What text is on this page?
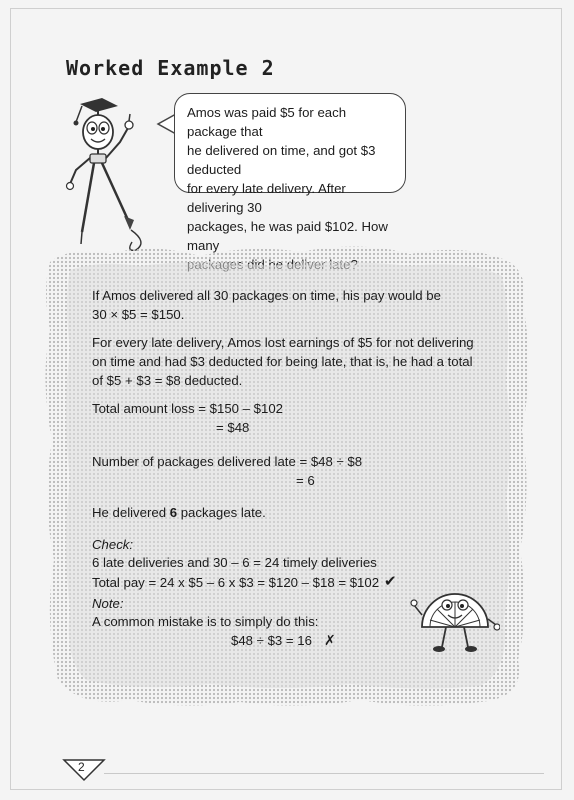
Worked Example 2
Amos was paid $5 for each package that
he delivered on time, and got $3 deducted
for every late delivery. After delivering 30
packages, he was paid $102. How many
If Amos delivered all 30 packages on time, his pay would be
30 × $5 = $150.
For every late delivery, Amos lost earnings of $5 for not delivering
on time and had $3 deducted for being late, that is, he had a total
of $5 + $3 = $8 deducted.
Total amount loss = $150 – $102
= $48
Number of packages delivered late = $48 ÷ $8
= 6
He delivered 6 packages late.
Check:
6 late deliveries and 30 – 6 = 24 timely deliveries
Total pay = 24 x $5 – 6 x $3 = $120 – $18 = $102 ✔
Note:
A common mistake is to simply do this:
$48 ÷ $3 = 16 ✗
2
